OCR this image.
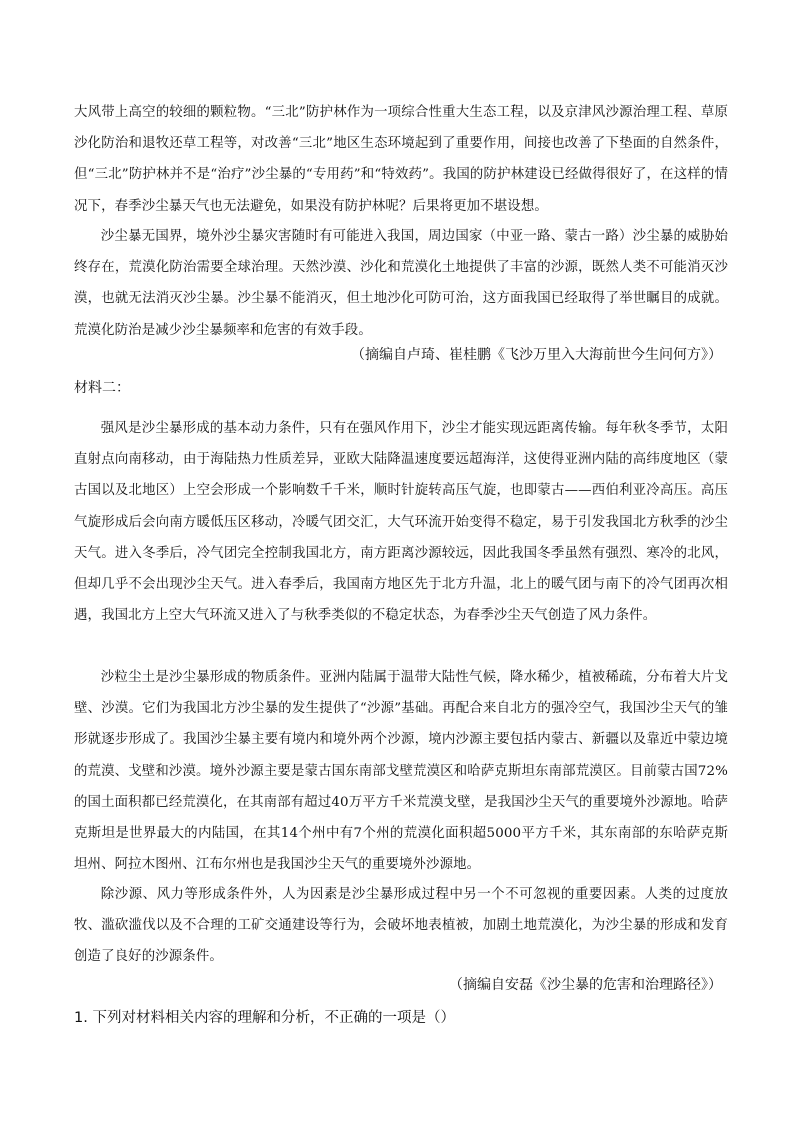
大风带上高空的较细的颗粒物。“三北”防护林作为一项综合性重大生态工程，以及京津风沙源治理工程、草原沙化防治和退牧还草工程等，对改善“三北”地区生态环境起到了重要作用，间接也改善了下垫面的自然条件，但“三北”防护林并不是“治疗”沙尘暴的“专用药”和“特效药”。我国的防护林建设已经做得很好了，在这样的情况下，春季沙尘暴天气也无法避免，如果没有防护林呢？后果将更加不堪设想。

沙尘暴无国界，境外沙尘暴灾害随时有可能进入我国，周边国家（中亚一路、蒙古一路）沙尘暴的威胁始终存在，荒漠化防治需要全球治理。天然沙漠、沙化和荒漠化土地提供了丰富的沙源，既然人类不可能消灭沙漠，也就无法消灭沙尘暴。沙尘暴不能消灭，但土地沙化可防可治，这方面我国已经取得了举世瞩目的成就。荒漠化防治是减少沙尘暴频率和危害的有效手段。

（摘编自卢琦、崔桂鹏《飞沙万里入大海前世今生问何方》）
材料二：

强风是沙尘暴形成的基本动力条件，只有在强风作用下，沙尘才能实现远距离传输。每年秋冬季节，太阳直射点向南移动，由于海陆热力性质差异，亚欧大陆降温速度要远超海洋，这使得亚洲内陆的高纬度地区（蒙古国以及北地区）上空会形成一个影响数千千米，顺时针旋转高压气旋，也即蒙古——西伯利亚冷高压。高压气旋形成后会向南方暖低压区移动，冷暖气团交汇，大气环流开始变得不稳定，易于引发我国北方秋季的沙尘天气。进入冬季后，冷气团完全控制我国北方，南方距离沙源较远，因此我国冬季虽然有强烈、寒冷的北风，但却几乎不会出现沙尘天气。进入春季后，我国南方地区先于北方升温，北上的暖气团与南下的冷气团再次相遇，我国北方上空大气环流又进入了与秋季类似的不稳定状态，为春季沙尘天气创造了风力条件。

沙粒尘土是沙尘暴形成的物质条件。亚洲内陆属于温带大陆性气候，降水稀少，植被稀疏，分布着大片戈壁、沙漠。它们为我国北方沙尘暴的发生提供了“沙源”基础。再配合来自北方的强冷空气，我国沙尘天气的雏形就逐步形成了。我国沙尘暴主要有境内和境外两个沙源，境内沙源主要包括内蒙古、新疆以及靠近中蒙边境的荒漠、戈壁和沙漠。境外沙源主要是蒙古国东南部戈壁荒漠区和哈萨克斯坦东南部荒漠区。目前蒙古国72%的国土面积都已经荒漠化，在其南部有超过40万平方千米荒漠戈壁，是我国沙尘天气的重要境外沙源地。哈萨克斯坦是世界最大的内陆国，在其14个州中有7个州的荒漠化面积超5000平方千米，其东南部的东哈萨克斯坦州、阿拉木图州、江布尔州也是我国沙尘天气的重要境外沙源地。

除沙源、风力等形成条件外，人为因素是沙尘暴形成过程中另一个不可忽视的重要因素。人类的过度放牧、滥砍滥伐以及不合理的工矿交通建设等行为，会破坏地表植被，加剧土地荒漠化，为沙尘暴的形成和发育创造了良好的沙源条件。

（摘编自安磊《沙尘暴的危害和治理路径》）
1. 下列对材料相关内容的理解和分析，不正确的一项是（）
